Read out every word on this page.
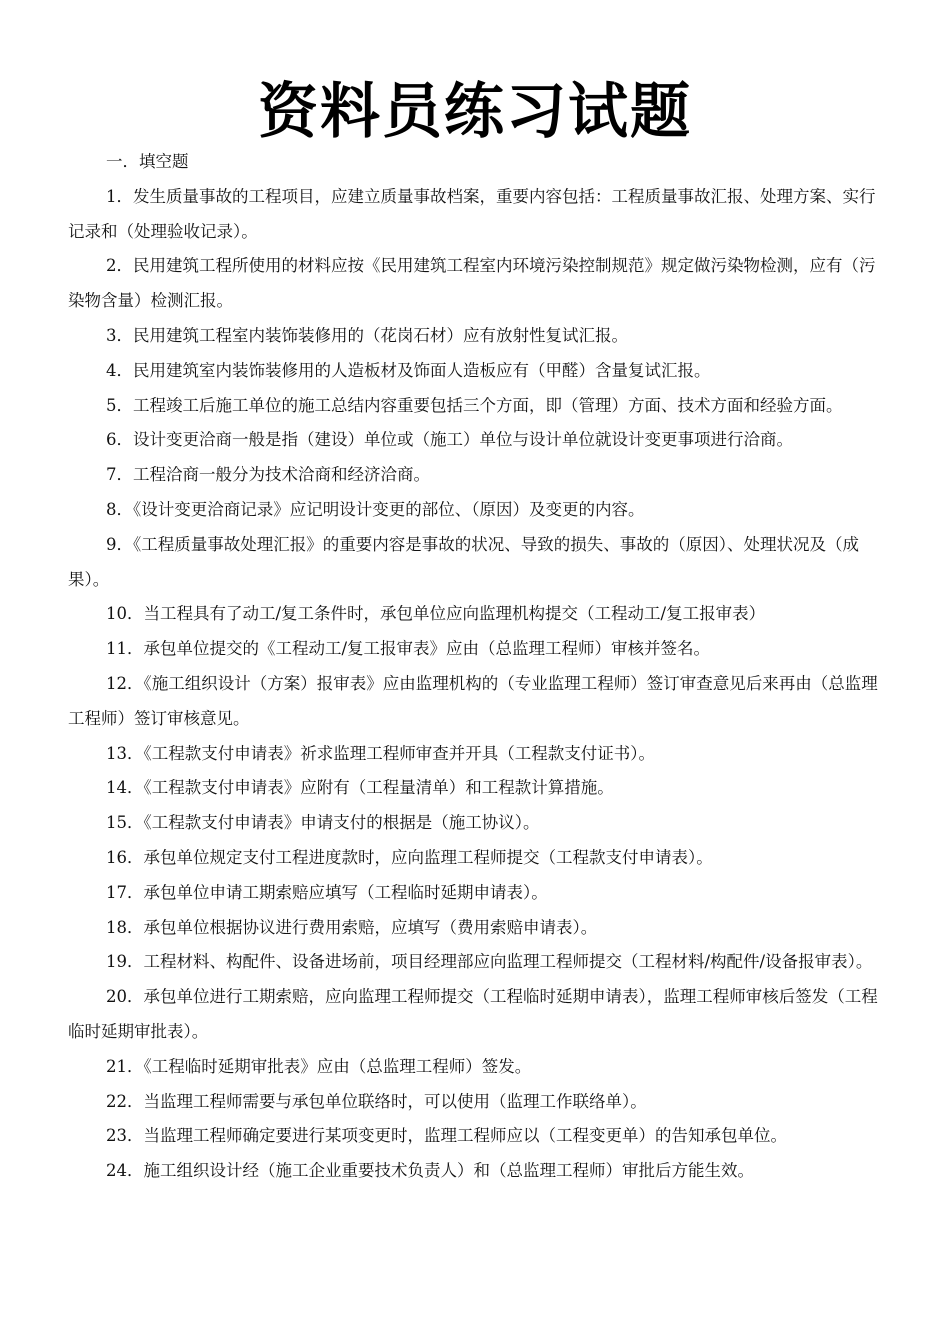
资料员练习试题

一．填空题

1．发生质量事故的工程项目，应建立质量事故档案，重要内容包括：工程质量事故汇报、处理方案、实行记录和（处理验收记录）。

2．民用建筑工程所使用的材料应按《民用建筑工程室内环境污染控制规范》规定做污染物检测，应有（污染物含量）检测汇报。

3．民用建筑工程室内装饰装修用的（花岗石材）应有放射性复试汇报。

4．民用建筑室内装饰装修用的人造板材及饰面人造板应有（甲醛）含量复试汇报。

5．工程竣工后施工单位的施工总结内容重要包括三个方面，即（管理）方面、技术方面和经验方面。

6．设计变更洽商一般是指（建设）单位或（施工）单位与设计单位就设计变更事项进行洽商。

7．工程洽商一般分为技术洽商和经济洽商。

8．《设计变更洽商记录》应记明设计变更的部位、（原因）及变更的内容。

9．《工程质量事故处理汇报》的重要内容是事故的状况、导致的损失、事故的（原因）、处理状况及（成果）。

10．当工程具有了动工/复工条件时，承包单位应向监理机构提交（工程动工/复工报审表）

11．承包单位提交的《工程动工/复工报审表》应由（总监理工程师）审核并签名。

12．《施工组织设计（方案）报审表》应由监理机构的（专业监理工程师）签订审查意见后来再由（总监理工程师）签订审核意见。

13．《工程款支付申请表》祈求监理工程师审查并开具（工程款支付证书）。

14．《工程款支付申请表》应附有（工程量清单）和工程款计算措施。

15．《工程款支付申请表》申请支付的根据是（施工协议）。

16．承包单位规定支付工程进度款时，应向监理工程师提交（工程款支付申请表）。

17．承包单位申请工期索赔应填写（工程临时延期申请表）。

18．承包单位根据协议进行费用索赔，应填写（费用索赔申请表）。

19．工程材料、构配件、设备进场前，项目经理部应向监理工程师提交（工程材料/构配件/设备报审表）。

20．承包单位进行工期索赔，应向监理工程师提交（工程临时延期申请表），监理工程师审核后签发（工程临时延期审批表）。

21．《工程临时延期审批表》应由（总监理工程师）签发。

22．当监理工程师需要与承包单位联络时，可以使用（监理工作联络单）。

23．当监理工程师确定要进行某项变更时，监理工程师应以（工程变更单）的告知承包单位。

24．施工组织设计经（施工企业重要技术负责人）和（总监理工程师）审批后方能生效。
